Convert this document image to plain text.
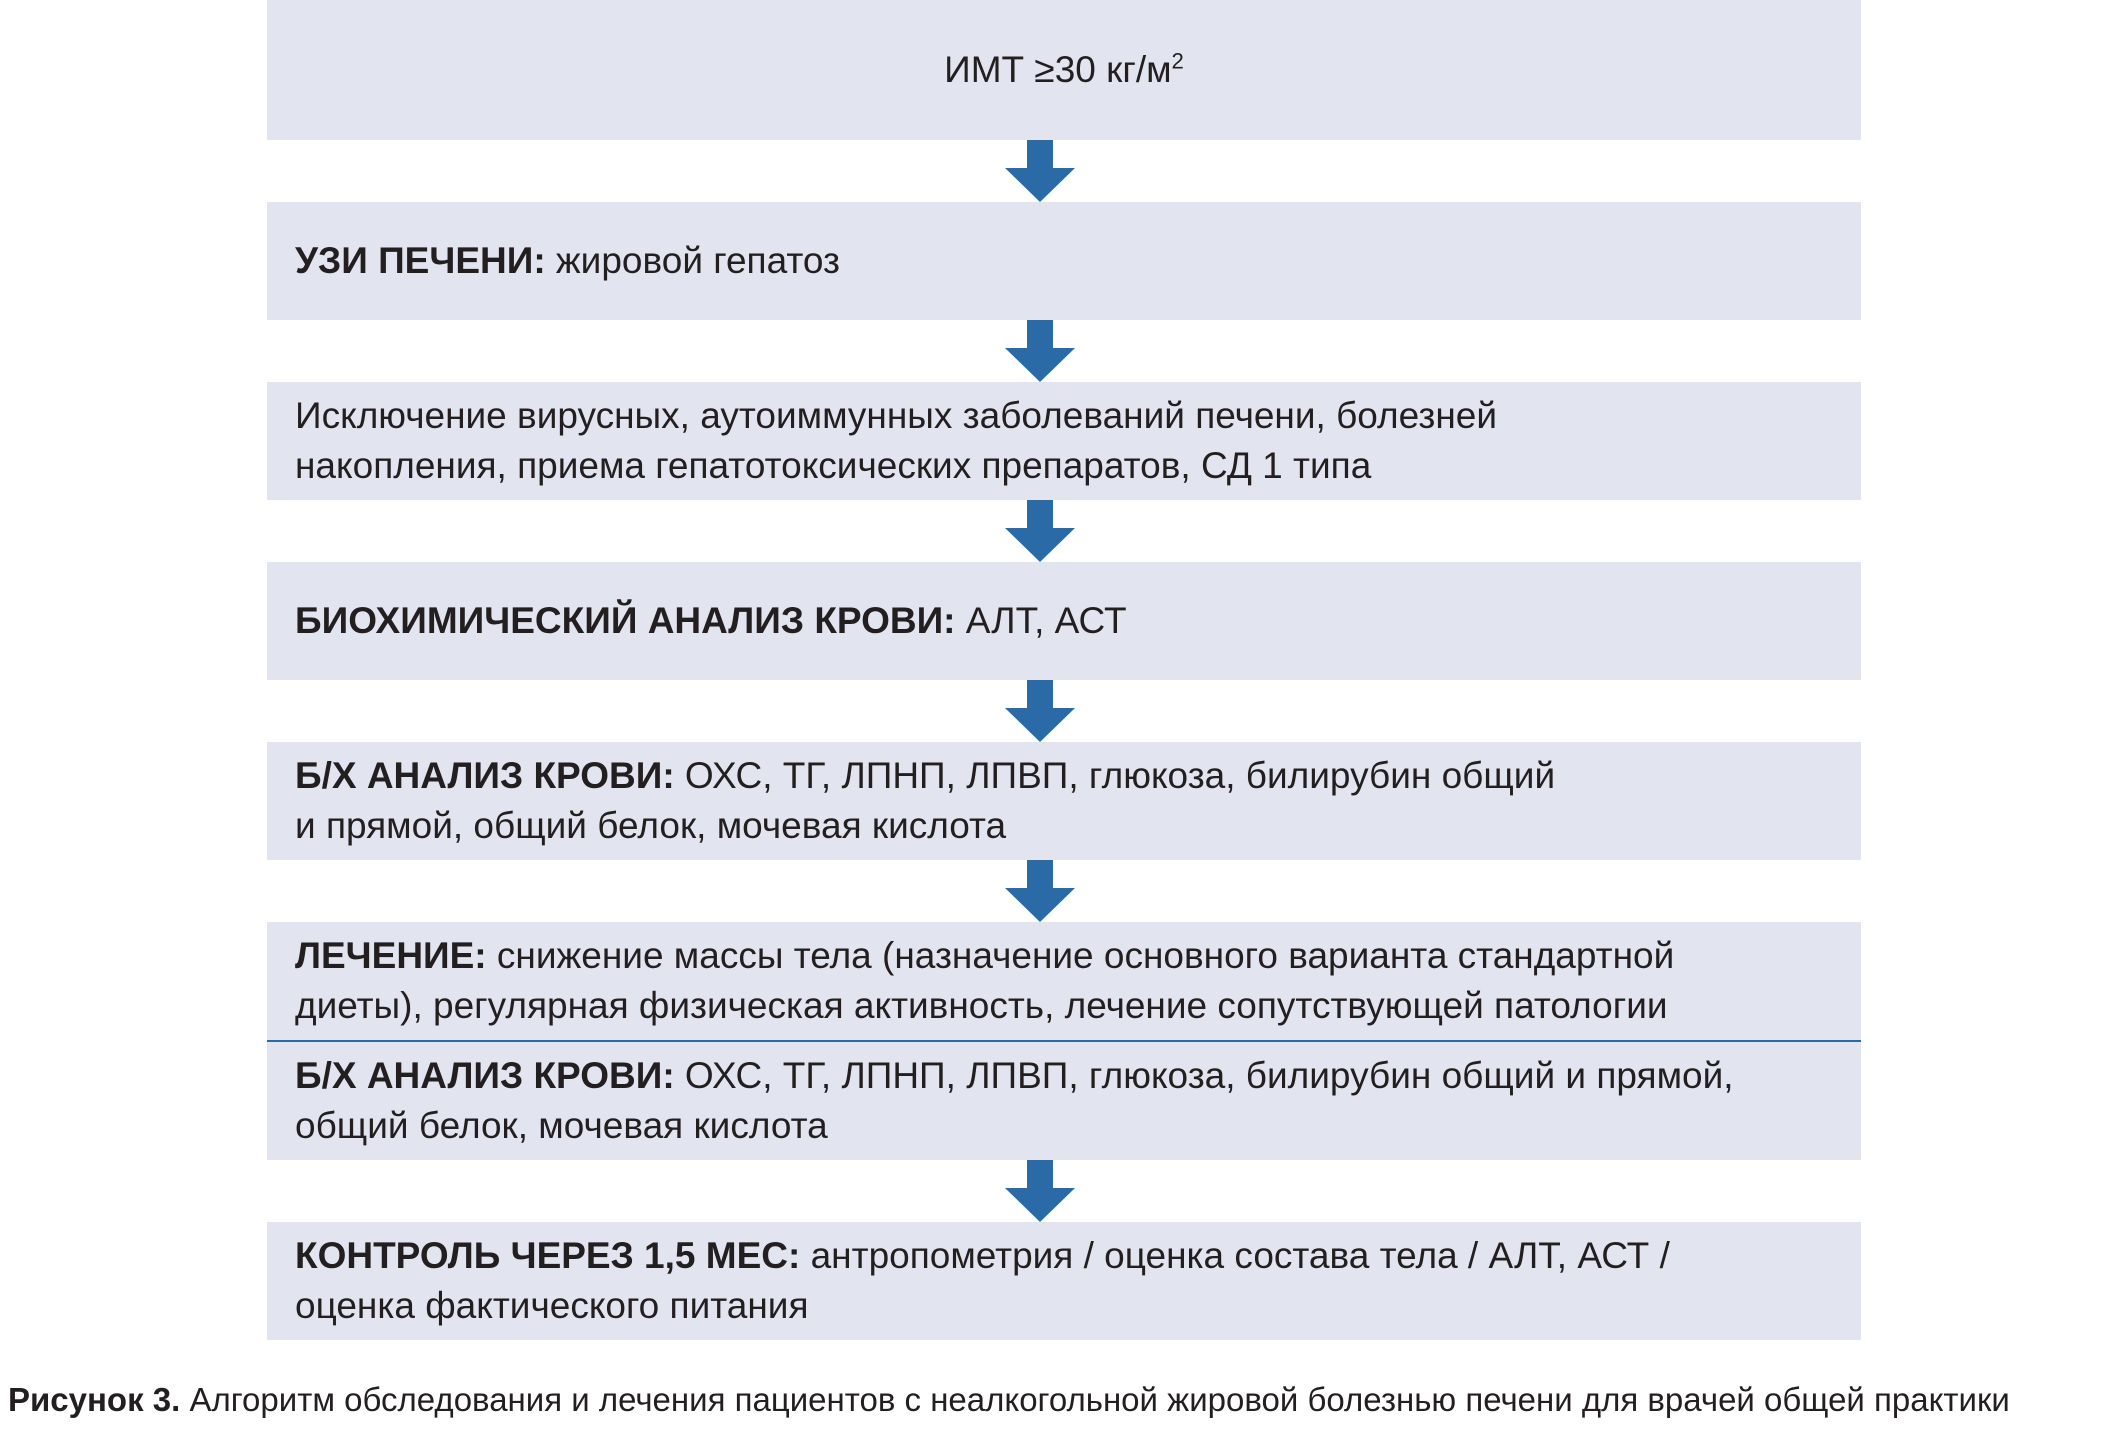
ИМТ ≥30 $кг/м^2$
УЗИ ПЕЧЕНИ: жировой гепатоз
Исключение вирусных, аутоиммунных заболеваний печени, болезней
накопления, приема гепатотоксических препаратов, СД 1 типа
БИОХИМИЧЕСКИЙ АНАЛИЗ КРОВИ: АЛТ, АСТ
Б/Х АНАЛИЗ КРОВИ: ОХС, ТГ, ЛПНП, ЛПВП, глюкоза, билирубин общий
и прямой, общий белок, мочевая кислота
ЛЕЧЕНИЕ: снижение массы тела (назначение основного варианта стандартной
диеты), регулярная физическая активность, лечение сопутствующей патологии
Б/Х АНАЛИЗ КРОВИ: ОХС, ТГ, ЛПНП, ЛПВП, глюкоза, билирубин общий и прямой,
общий белок, мочевая кислота
КОНТРОЛЬ ЧЕРЕЗ 1,5 МЕС: антропометрия / оценка состава тела / АЛТ, АСТ /
оценка фактического питания
Рисунок 3. Алгоритм обследования и лечения пациентов с неалкогольной жировой болезнью печени для врачей общей практики
